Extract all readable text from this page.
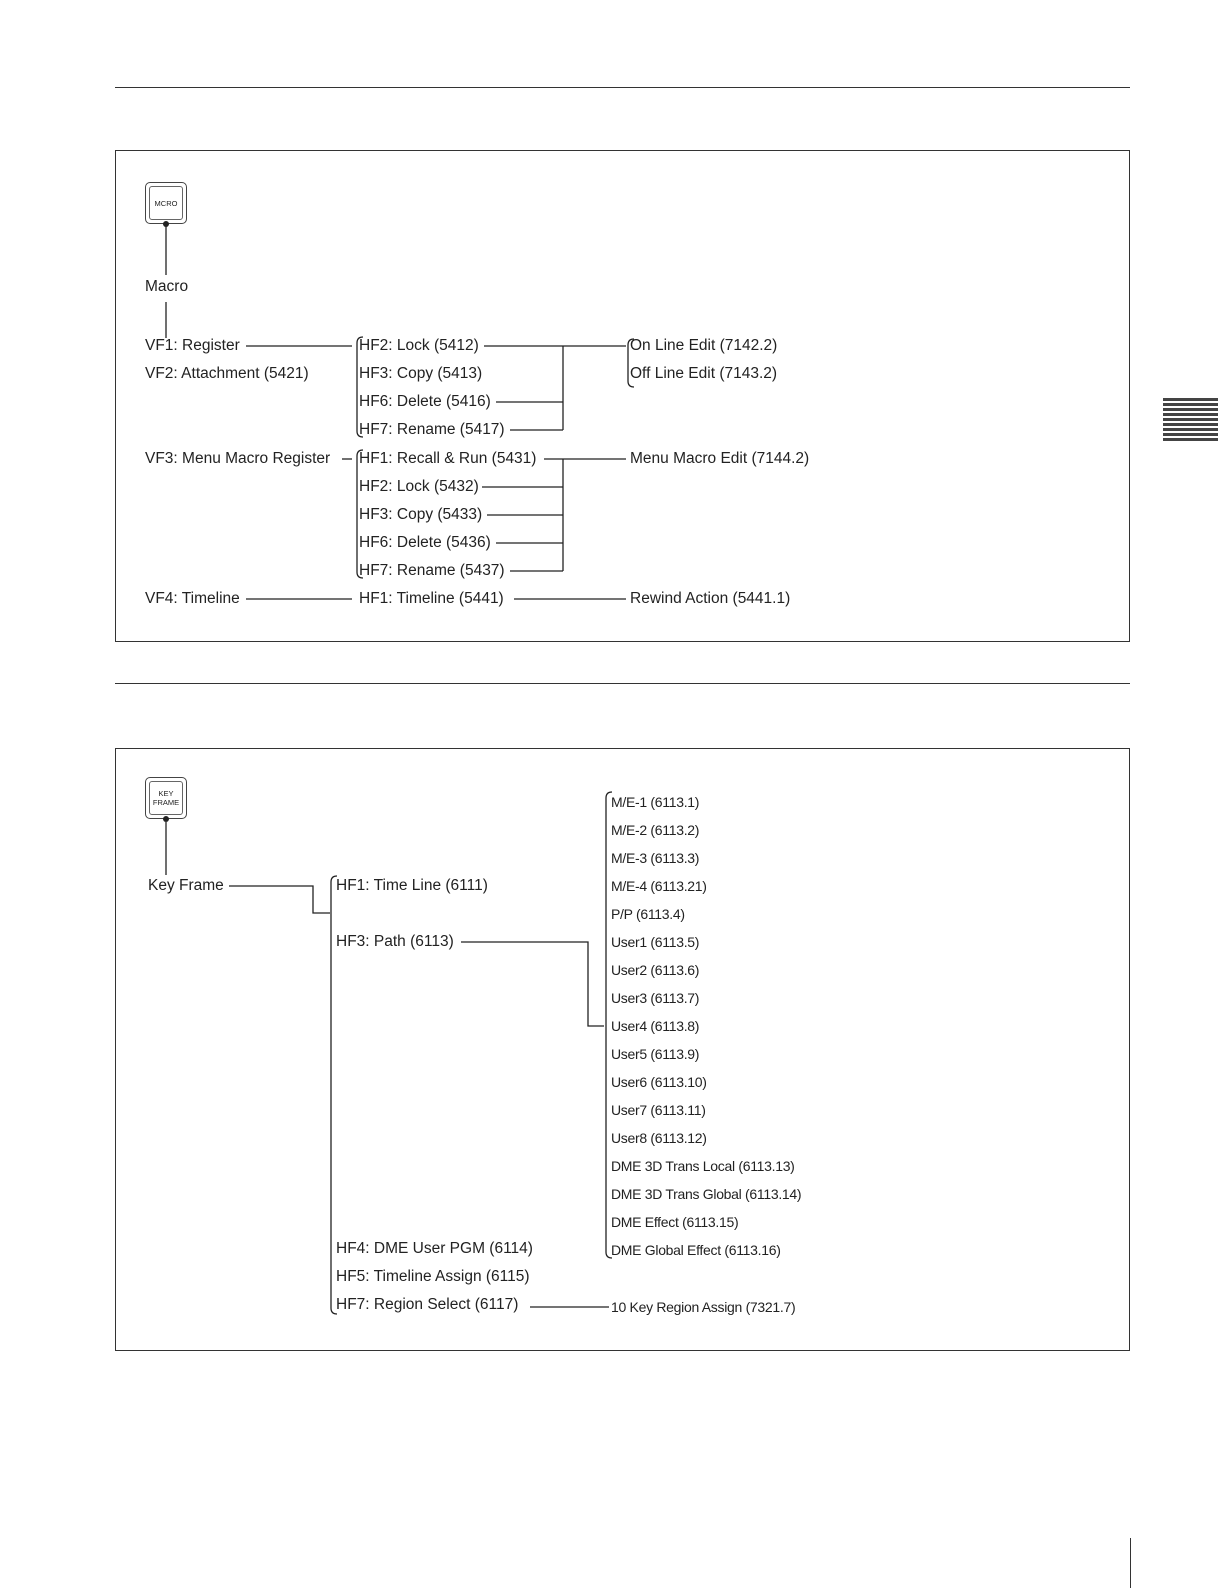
MCRO
KEY
FRAME
Macro
VF1: Register
VF2: Attachment (5421)
VF3: Menu Macro Register
VF4: Timeline
HF2: Lock (5412)
HF3: Copy (5413)
HF6: Delete (5416)
HF7: Rename (5417)
On Line Edit (7142.2)
Off Line Edit (7143.2)
HF1: Recall & Run (5431)
HF2: Lock (5432)
HF3: Copy (5433)
HF6: Delete (5436)
HF7: Rename (5437)
Menu Macro Edit (7144.2)
HF1: Timeline (5441)	Rewind Action (5441.1)
Key Frame	HF1: Time Line (6111)
HF3: Path (6113)
HF4: DME User PGM (6114)
HF5: Timeline Assign (6115)
HF7: Region Select (6117)
M/E-1 (6113.1)
M/E-2 (6113.2)
M/E-3 (6113.3)
M/E-4 (6113.21)
P/P (6113.4)
User1 (6113.5)
User2 (6113.6)
User3 (6113.7)
User4 (6113.8)
User5 (6113.9)
User6 (6113.10)
User7 (6113.11)
User8 (6113.12)
DME 3D Trans Local (6113.13)
DME 3D Trans Global (6113.14)
DME Effect (6113.15)
DME Global Effect (6113.16)
10 Key Region Assign (7321.7)
